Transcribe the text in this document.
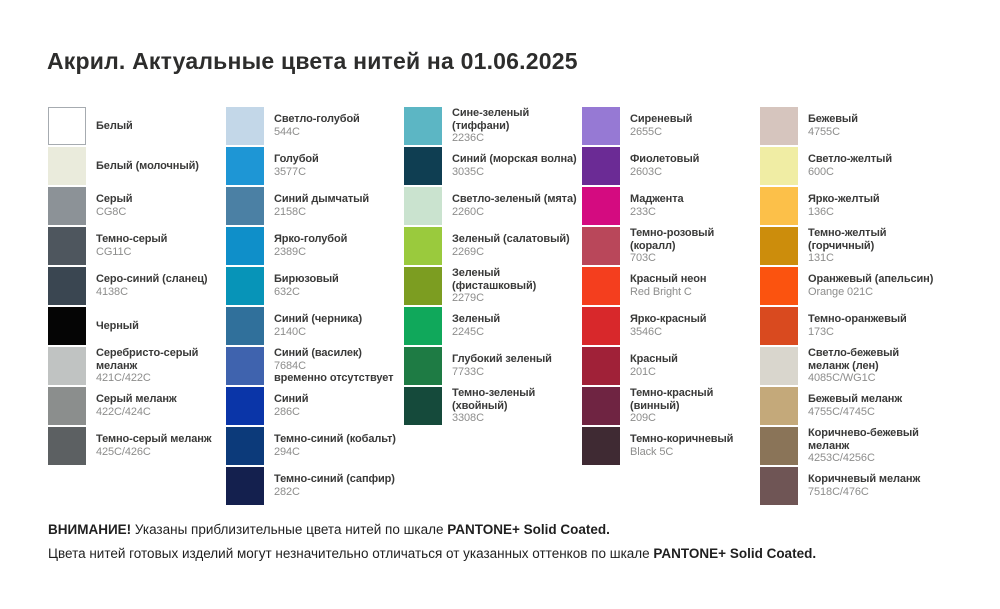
Акрил. Актуальные цвета нитей на 01.06.2025
Белый
Белый (молочный)
Серый
CG8C
Темно-серый
CG11C
Серо-синий (сланец)
4138C
Черный
Серебристо-серый меланж
421C/422C
Серый меланж
422C/424C
Темно-серый меланж
425C/426C
Светло-голубой
544C
Голубой
3577C
Синий дымчатый
2158C
Ярко-голубой
2389C
Бирюзовый
632C
Синий (черника)
2140C
Синий (василек)
7684C
временно отсутствует
Синий
286C
Темно-синий (кобальт)
294C
Темно-синий (сапфир)
282C
Сине-зеленый (тиффани)
2236C
Синий (морская волна)
3035C
Светло-зеленый (мята)
2260C
Зеленый (салатовый)
2269C
Зеленый (фисташковый)
2279C
Зеленый
2245C
Глубокий зеленый
7733C
Темно-зеленый (хвойный)
3308C
Сиреневый
2655C
Фиолетовый
2603C
Маджента
233C
Темно-розовый (коралл)
703C
Красный неон
Red Bright C
Ярко-красный
3546C
Красный
201C
Темно-красный (винный)
209C
Темно-коричневый
Black 5C
Бежевый
4755C
Светло-желтый
600C
Ярко-желтый
136C
Темно-желтый (горчичный)
131C
Оранжевый (апельсин)
Orange 021C
Темно-оранжевый
173C
Светло-бежевый меланж (лен)
4085C/WG1C
Бежевый меланж
4755C/4745C
Коричнево-бежевый меланж
4253C/4256C
Коричневый меланж
7518C/476C

ВНИМАНИЕ! Указаны приблизительные цвета нитей по шкале PANTONE+ Solid Coated.

Цвета нитей готовых изделий могут незначительно отличаться от указанных оттенков по шкале PANTONE+ Solid Coated.
